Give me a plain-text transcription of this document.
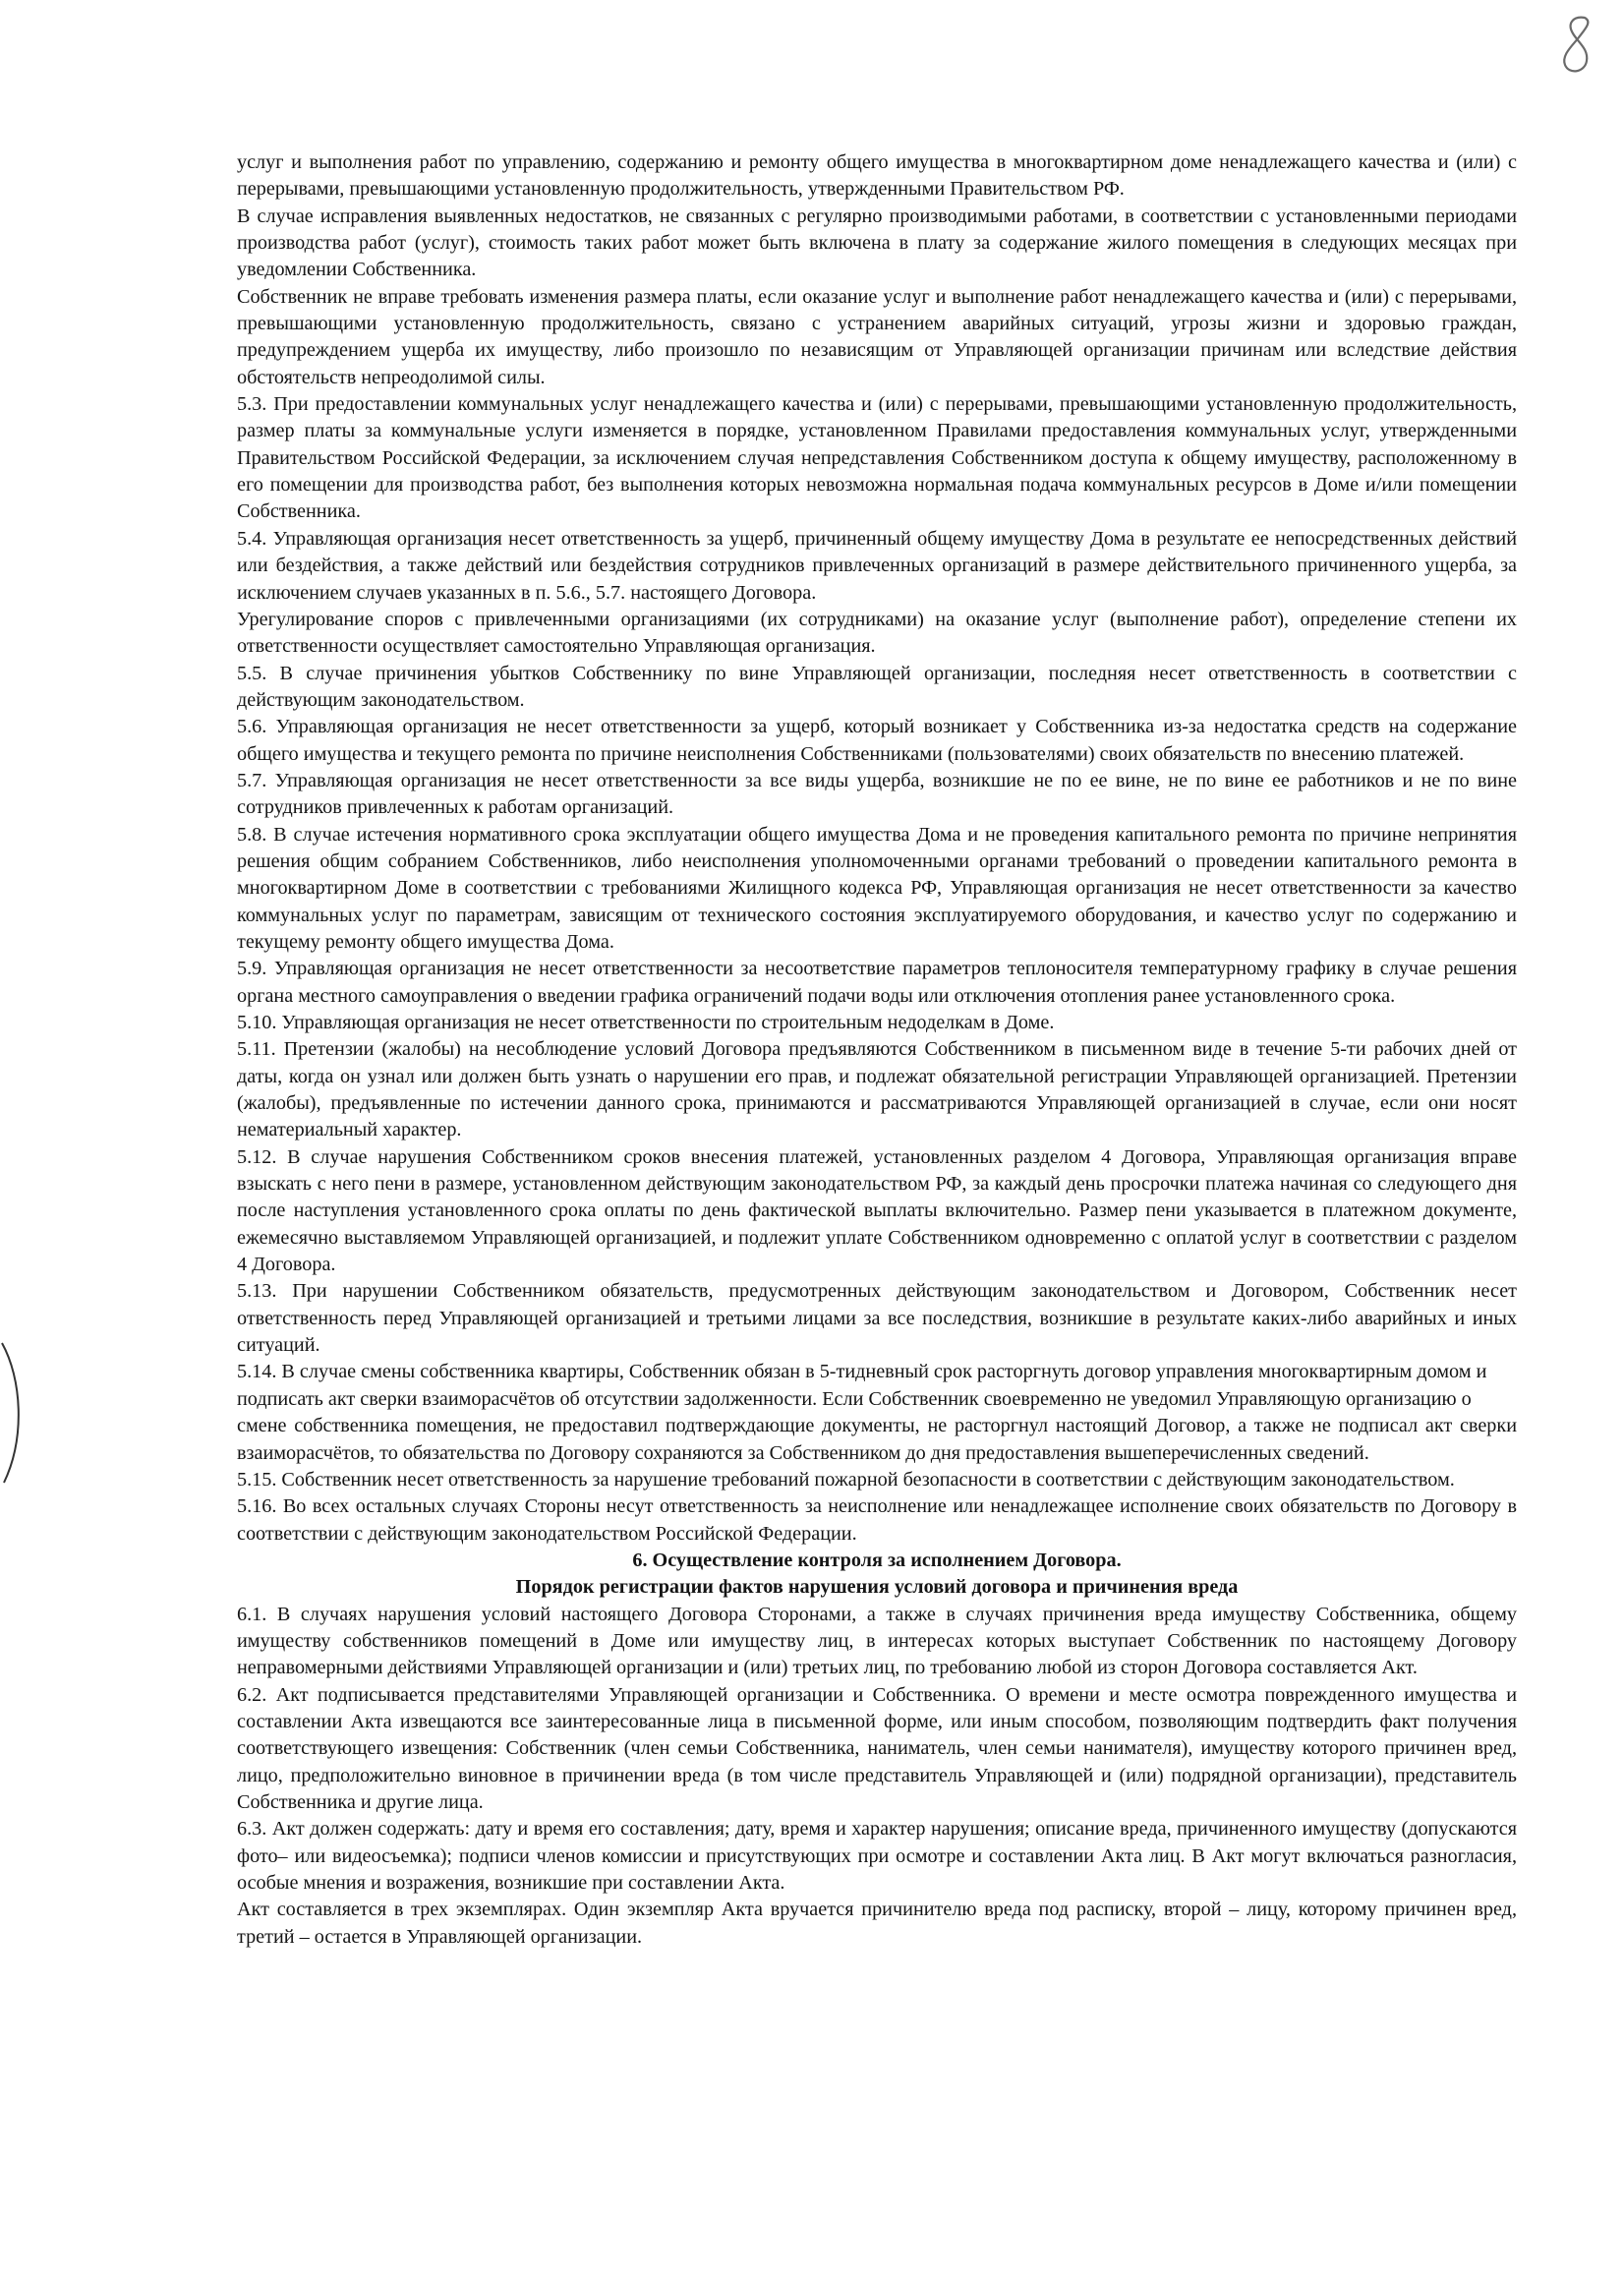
услуг и выполнения работ по управлению, содержанию и ремонту общего имущества в многоквартирном доме ненадлежащего качества и (или) с перерывами, превышающими установленную продолжительность, утвержденными Правительством РФ.

В случае исправления выявленных недостатков, не связанных с регулярно производимыми работами, в соответствии с установленными периодами производства работ (услуг), стоимость таких работ может быть включена в плату за содержание жилого помещения в следующих месяцах при уведомлении Собственника.

Собственник не вправе требовать изменения размера платы, если оказание услуг и выполнение работ ненадлежащего качества и (или) с перерывами, превышающими установленную продолжительность, связано с устранением аварийных ситуаций, угрозы жизни и здоровью граждан, предупреждением ущерба их имуществу, либо произошло по независящим от Управляющей организации причинам или вследствие действия обстоятельств непреодолимой силы.

5.3. При предоставлении коммунальных услуг ненадлежащего качества и (или) с перерывами, превышающими установленную продолжительность, размер платы за коммунальные услуги изменяется в порядке, установленном Правилами предоставления коммунальных услуг, утвержденными Правительством Российской Федерации, за исключением случая непредставления Собственником доступа к общему имуществу, расположенному в его помещении для производства работ, без выполнения которых невозможна нормальная подача коммунальных ресурсов в Доме и/или помещении Собственника.

5.4. Управляющая организация несет ответственность за ущерб, причиненный общему имуществу Дома в результате ее непосредственных действий или бездействия, а также действий или бездействия сотрудников привлеченных организаций в размере действительного причиненного ущерба, за исключением случаев указанных в п. 5.6., 5.7. настоящего Договора.

Урегулирование споров с привлеченными организациями (их сотрудниками) на оказание услуг (выполнение работ), определение степени их ответственности осуществляет самостоятельно Управляющая организация.

5.5. В случае причинения убытков Собственнику по вине Управляющей организации, последняя несет ответственность в соответствии с действующим законодательством.

5.6. Управляющая организация не несет ответственности за ущерб, который возникает у Собственника из-за недостатка средств на содержание общего имущества и текущего ремонта по причине неисполнения Собственниками (пользователями) своих обязательств по внесению платежей.

5.7. Управляющая организация не несет ответственности за все виды ущерба, возникшие не по ее вине, не по вине ее работников и не по вине сотрудников привлеченных к работам организаций.

5.8. В случае истечения нормативного срока эксплуатации общего имущества Дома и не проведения капитального ремонта по причине непринятия решения общим собранием Собственников, либо неисполнения уполномоченными органами требований о проведении капитального ремонта в многоквартирном Доме в соответствии с требованиями Жилищного кодекса РФ, Управляющая организация не несет ответственности за качество коммунальных услуг по параметрам, зависящим от технического состояния эксплуатируемого оборудования, и качество услуг по содержанию и текущему ремонту общего имущества Дома.

5.9. Управляющая организация не несет ответственности за несоответствие параметров теплоносителя температурному графику в случае решения органа местного самоуправления о введении графика ограничений подачи воды или отключения отопления ранее установленного срока.

5.10. Управляющая организация не несет ответственности по строительным недоделкам в Доме.

5.11. Претензии (жалобы) на несоблюдение условий Договора предъявляются Собственником в письменном виде в течение 5-ти рабочих дней от даты, когда он узнал или должен быть узнать о нарушении его прав, и подлежат обязательной регистрации Управляющей организацией. Претензии (жалобы), предъявленные по истечении данного срока, принимаются и рассматриваются Управляющей организацией в случае, если они носят нематериальный характер.

5.12. В случае нарушения Собственником сроков внесения платежей, установленных разделом 4 Договора, Управляющая организация вправе взыскать с него пени в размере, установленном действующим законодательством РФ, за каждый день просрочки платежа начиная со следующего дня после наступления установленного срока оплаты по день фактической выплаты включительно. Размер пени указывается в платежном документе, ежемесячно выставляемом Управляющей организацией, и подлежит уплате Собственником одновременно с оплатой услуг в соответствии с разделом 4 Договора.

5.13. При нарушении Собственником обязательств, предусмотренных действующим законодательством и Договором, Собственник несет ответственность перед Управляющей организацией и третьими лицами за все последствия, возникшие в результате каких-либо аварийных и иных ситуаций.

5.14. В случае смены собственника квартиры, Собственник обязан в 5-тидневный срок расторгнуть договор управления многоквартирным домом и

подписать акт сверки взаиморасчётов об отсутствии задолженности. Если Собственник своевременно не уведомил Управляющую организацию о

смене собственника помещения, не предоставил подтверждающие документы, не расторгнул настоящий Договор, а также не подписал акт сверки взаиморасчётов, то обязательства по Договору сохраняются за Собственником до дня предоставления вышеперечисленных сведений.

5.15. Собственник несет ответственность за нарушение требований пожарной безопасности в соответствии с действующим законодательством.

5.16. Во всех остальных случаях Стороны несут ответственность за неисполнение или ненадлежащее исполнение своих обязательств по Договору в соответствии с действующим законодательством Российской Федерации.

6. Осуществление контроля за исполнением Договора.
Порядок регистрации фактов нарушения условий договора и причинения вреда

6.1. В случаях нарушения условий настоящего Договора Сторонами, а также в случаях причинения вреда имуществу Собственника, общему имуществу собственников помещений в Доме или имуществу лиц, в интересах которых выступает Собственник по настоящему Договору неправомерными действиями Управляющей организации и (или) третьих лиц, по требованию любой из сторон Договора составляется Акт.

6.2. Акт подписывается представителями Управляющей организации и Собственника. О времени и месте осмотра поврежденного имущества и составлении Акта извещаются все заинтересованные лица в письменной форме, или иным способом, позволяющим подтвердить факт получения соответствующего извещения: Собственник (член семьи Собственника, наниматель, член семьи нанимателя), имуществу которого причинен вред, лицо, предположительно виновное в причинении вреда (в том числе представитель Управляющей и (или) подрядной организации), представитель Собственника и другие лица.

6.3. Акт должен содержать: дату и время его составления; дату, время и характер нарушения; описание вреда, причиненного имуществу (допускаются фото– или видеосъемка); подписи членов комиссии и присутствующих при осмотре и составлении Акта лиц. В Акт могут включаться разногласия, особые мнения и возражения, возникшие при составлении Акта.

Акт составляется в трех экземплярах. Один экземпляр Акта вручается причинителю вреда под расписку, второй – лицу, которому причинен вред, третий – остается в Управляющей организации.
